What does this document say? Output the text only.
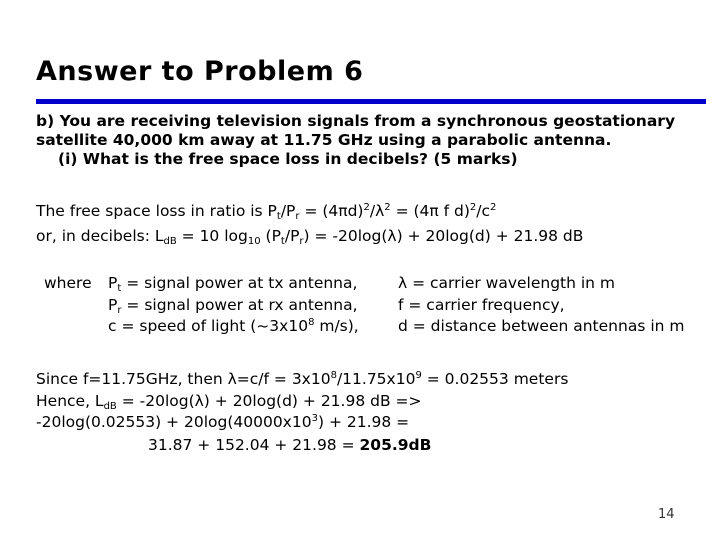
Answer to Problem 6
b) You are receiving television signals from a synchronous geostationary
satellite 40,000 km away at 11.75 GHz using a parabolic antenna.
(i) What is the free space loss in decibels? (5 marks)
The free space loss in ratio is $P_t/P_r = (4\pi d)^2/\lambda^2 = (4\pi$ f $d)^2/c^2$
or, in decibels: $L_{dB} = 10$ $\log_{10} (P_t/P_r) = -20\log(\lambda) + 20\log(d) + 21.98$ dB
where $P_t$ = signal power at tx antenna,
$P_r$ = signal power at rx antenna,
c = speed of light ($\sim 3x10^8$ m/s),
λ = carrier wavelength in m
f = carrier frequency,
d = distance between antennas in m
Since f=11.75GHz, then $\lambda=c/f = 3x10^8/11.75x10^9 = 0.02553$ meters
Hence, $L_{dB} = -20\log(\lambda) + 20\log(d) + 21.98$ dB =>
$-20\log(0.02553) + 20\log(40000x10^3) + 21.98$ =
31.87 + 152.04 + 21.98 = 205.9dB
14
